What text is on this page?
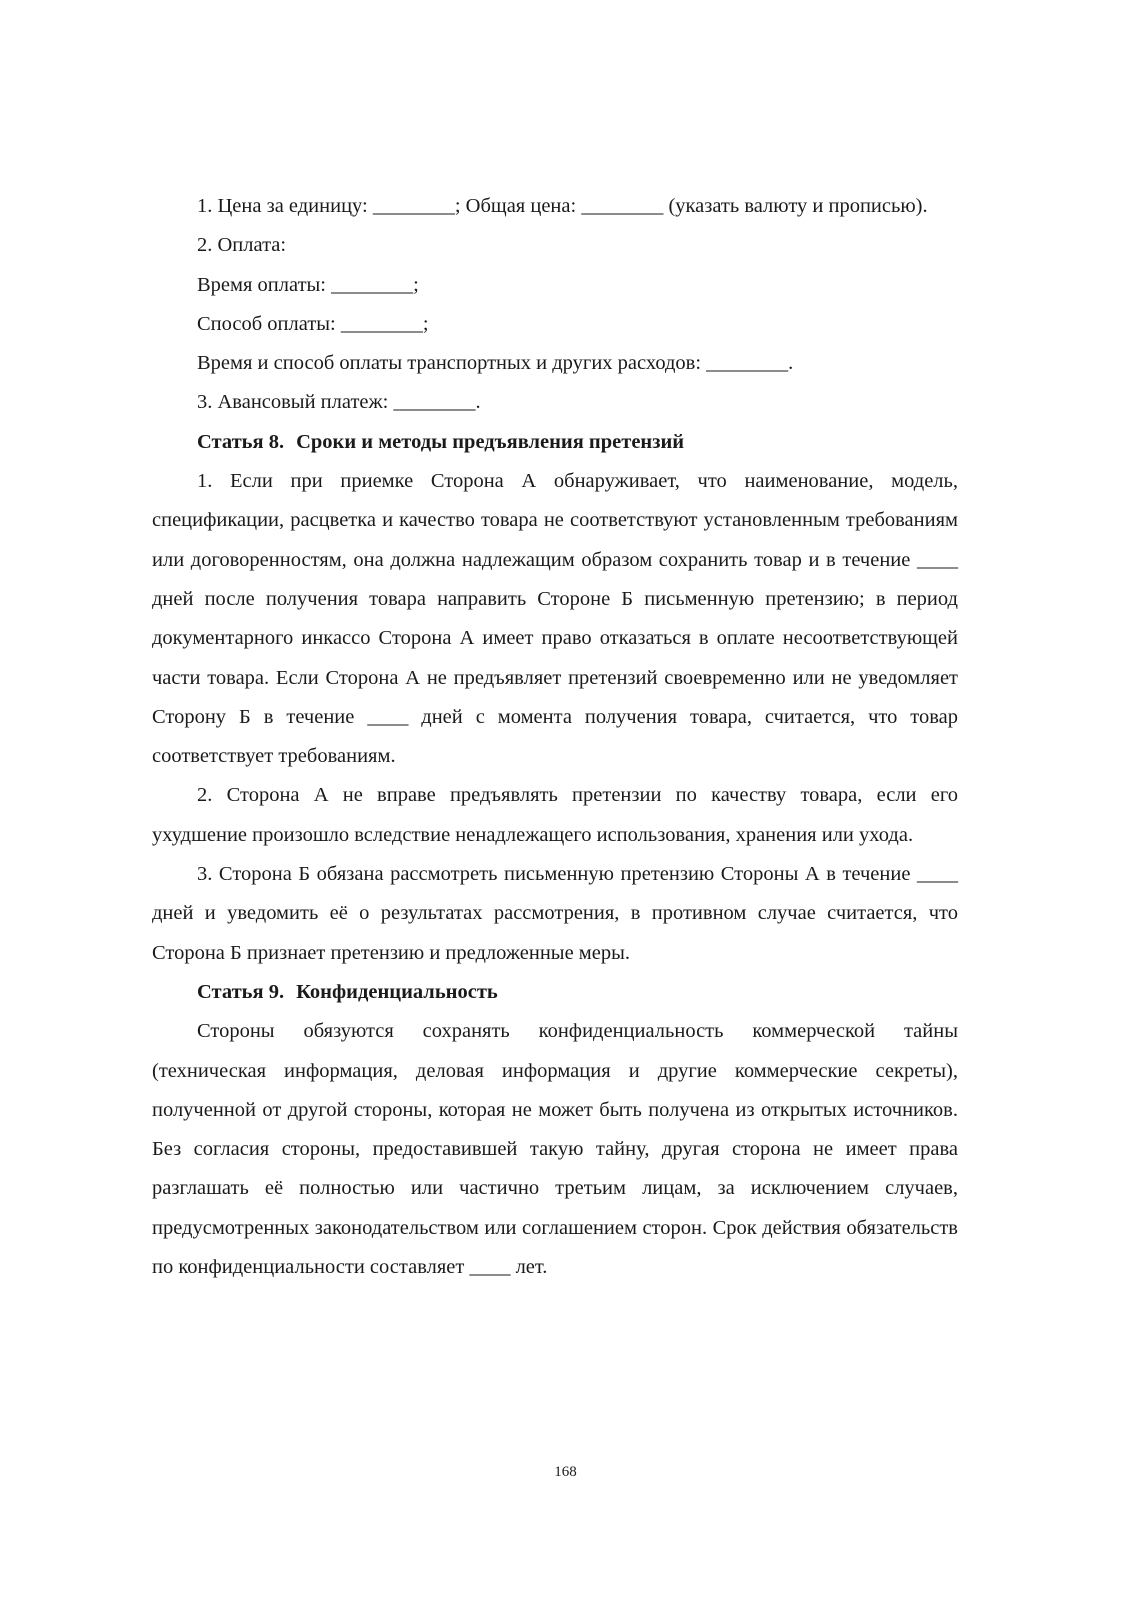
1. Цена за единицу: ________; Общая цена: ________ (указать валюту и прописью).

2. Оплата:

Время оплаты: ________;

Способ оплаты: ________;

Время и способ оплаты транспортных и других расходов: ________.

3. Авансовый платеж: ________.

Статья 8. Сроки и методы предъявления претензий

1. Если при приемке Сторона А обнаруживает, что наименование, модель, спецификации, расцветка и качество товара не соответствуют установленным требованиям или договоренностям, она должна надлежащим образом сохранить товар и в течение ____ дней после получения товара направить Стороне Б письменную претензию; в период документарного инкассо Сторона А имеет право отказаться в оплате несоответствующей части товара. Если Сторона А не предъявляет претензий своевременно или не уведомляет Сторону Б в течение ____ дней с момента получения товара, считается, что товар соответствует требованиям.

2. Сторона А не вправе предъявлять претензии по качеству товара, если его ухудшение произошло вследствие ненадлежащего использования, хранения или ухода.

3. Сторона Б обязана рассмотреть письменную претензию Стороны А в течение ____ дней и уведомить её о результатах рассмотрения, в противном случае считается, что Сторона Б признает претензию и предложенные меры.

Статья 9. Конфиденциальность

Стороны обязуются сохранять конфиденциальность коммерческой тайны (техническая информация, деловая информация и другие коммерческие секреты), полученной от другой стороны, которая не может быть получена из открытых источников. Без согласия стороны, предоставившей такую тайну, другая сторона не имеет права разглашать её полностью или частично третьим лицам, за исключением случаев, предусмотренных законодательством или соглашением сторон. Срок действия обязательств по конфиденциальности составляет ____ лет.

168
